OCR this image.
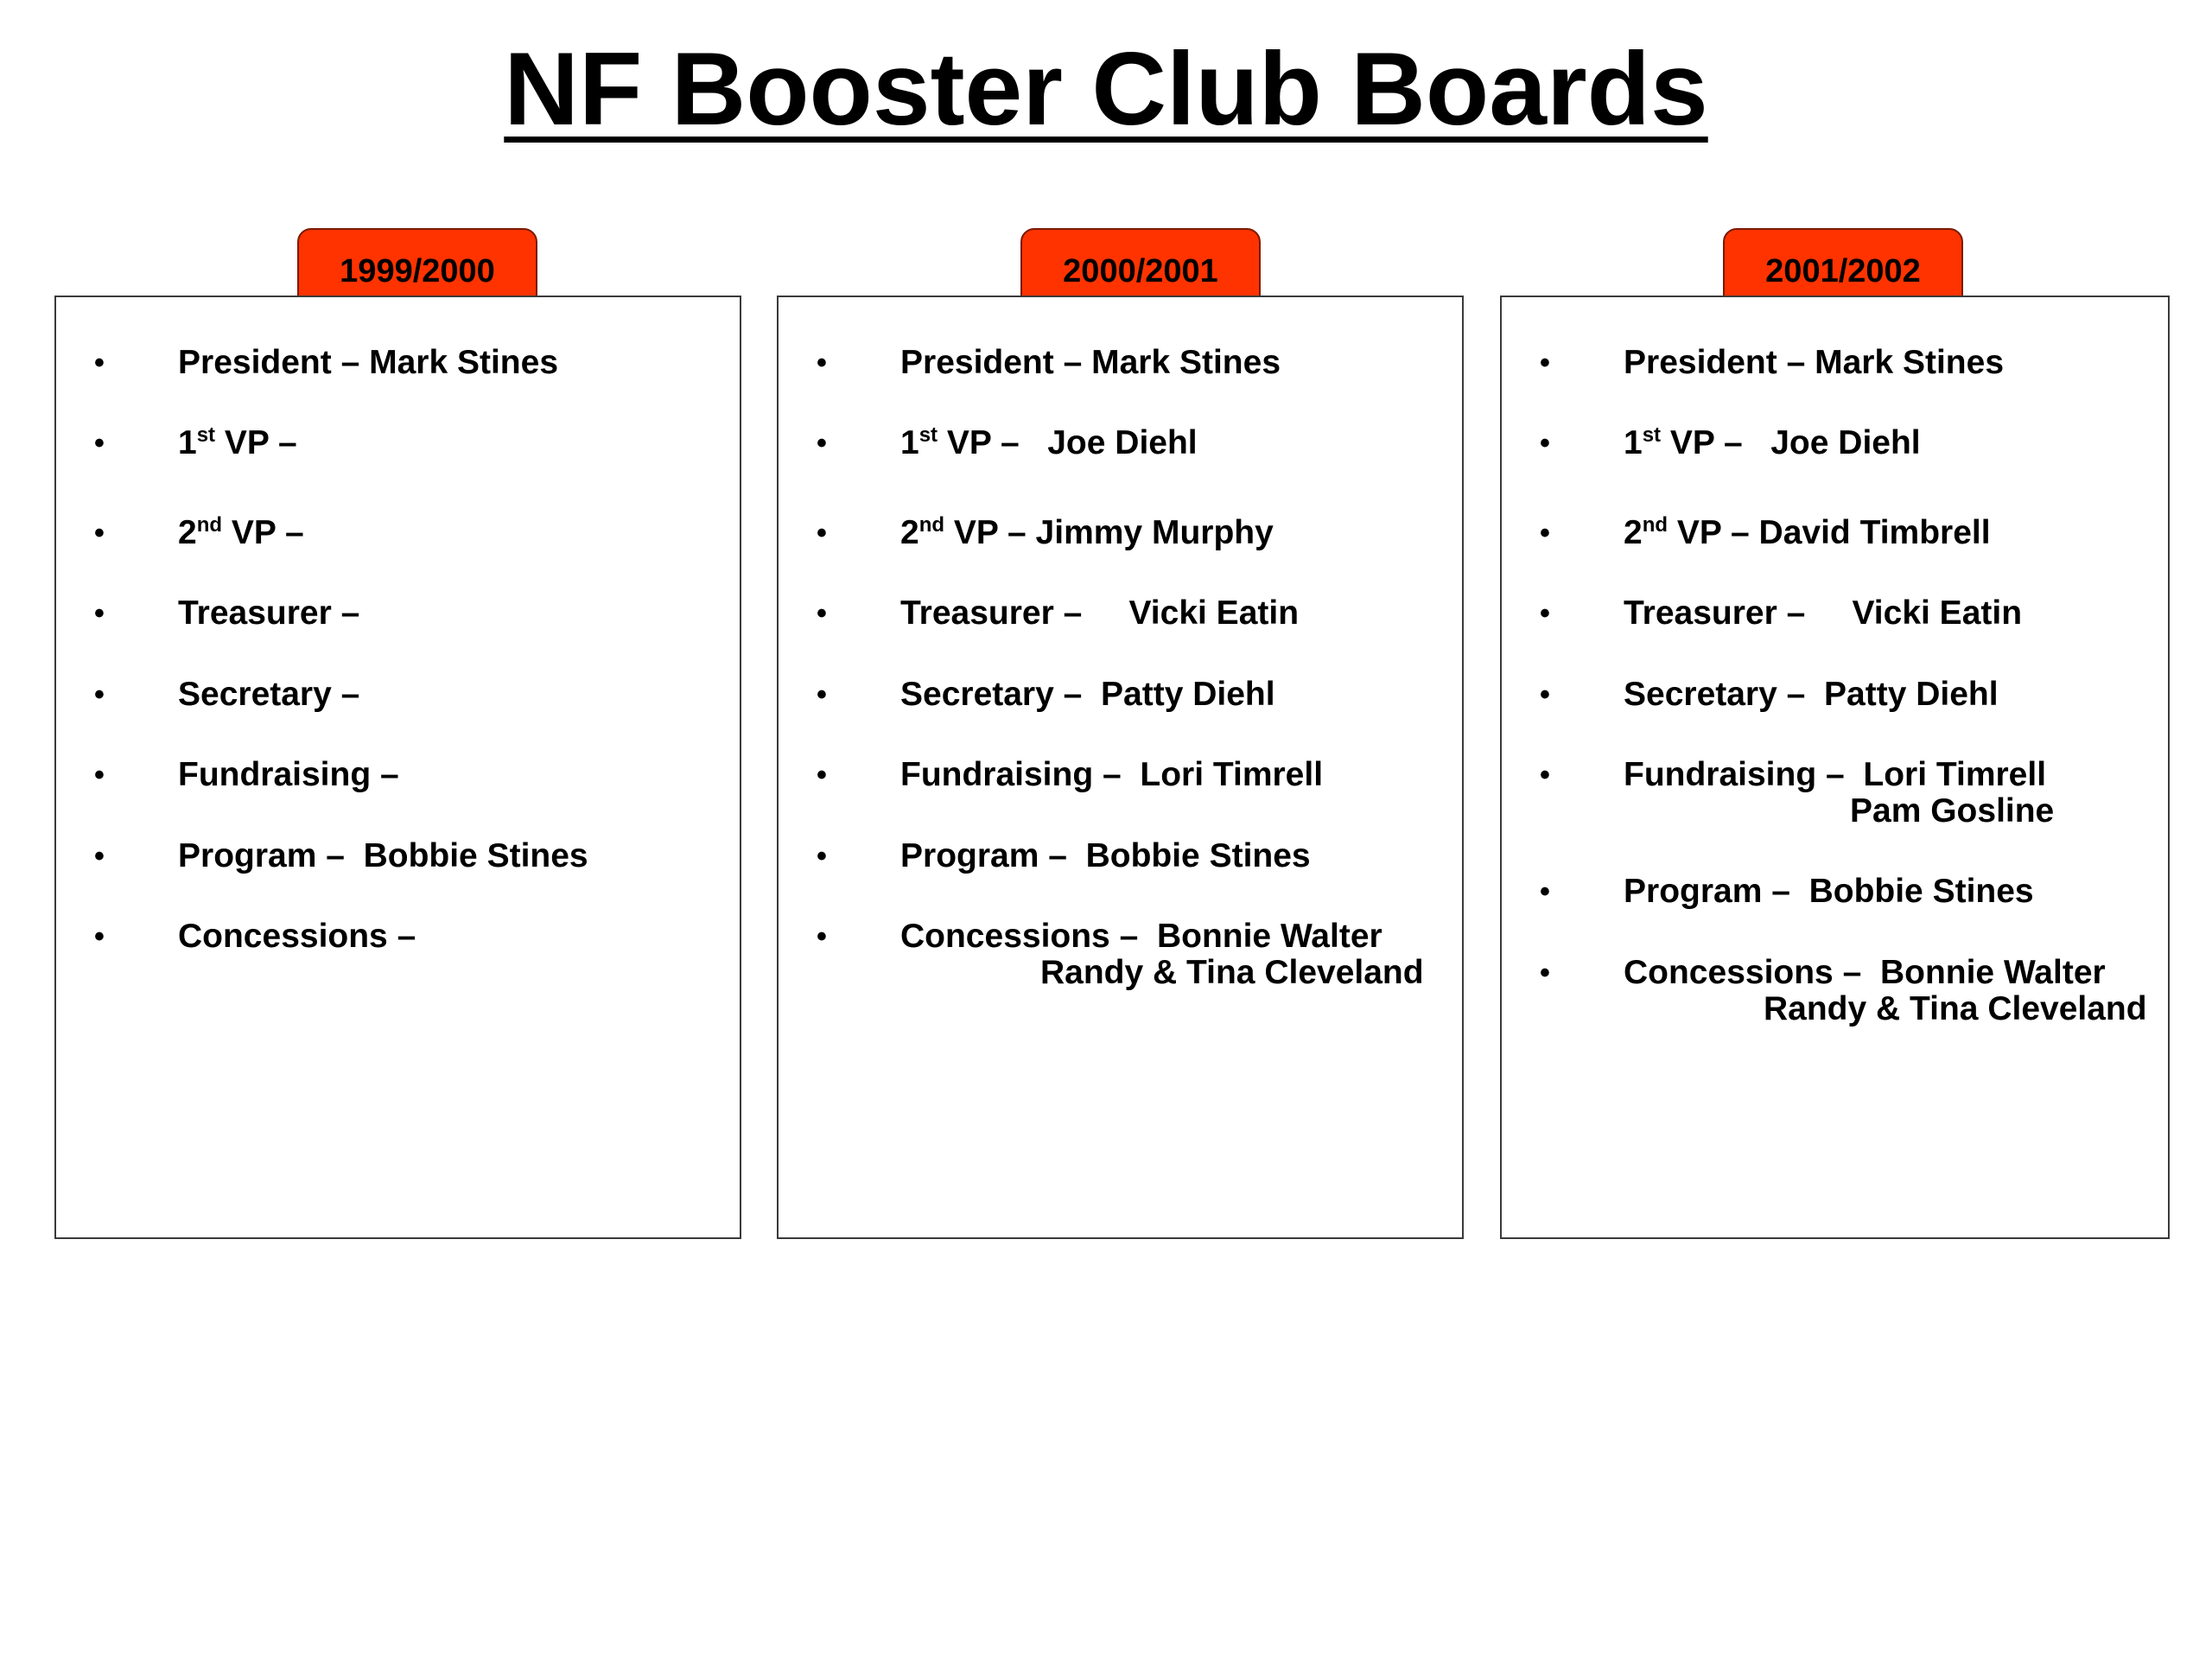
NF Booster Club Boards
1999/2000	2000/2001	2001/2002
• President – Mark Stines
• 1st VP –
• 2nd VP –
• Treasurer –
• Secretary –
• Fundraising –
• Program –  Bobbie Stines
• Concessions –
• President – Mark Stines
• 1st VP –   Joe Diehl
• 2nd VP – Jimmy Murphy
• Treasurer –     Vicki Eatin
• Secretary –  Patty Diehl
• Fundraising –  Lori Timrell
• Program –  Bobbie Stines
• Concessions –  Bonnie Walter
Randy & Tina Cleveland
• President – Mark Stines
• 1st VP –   Joe Diehl
• 2nd VP – David Timbrell
• Treasurer –     Vicki Eatin
• Secretary –  Patty Diehl
• Fundraising –  Lori Timrell
Pam Gosline
• Program –  Bobbie Stines
• Concessions –  Bonnie Walter
Randy & Tina Cleveland
